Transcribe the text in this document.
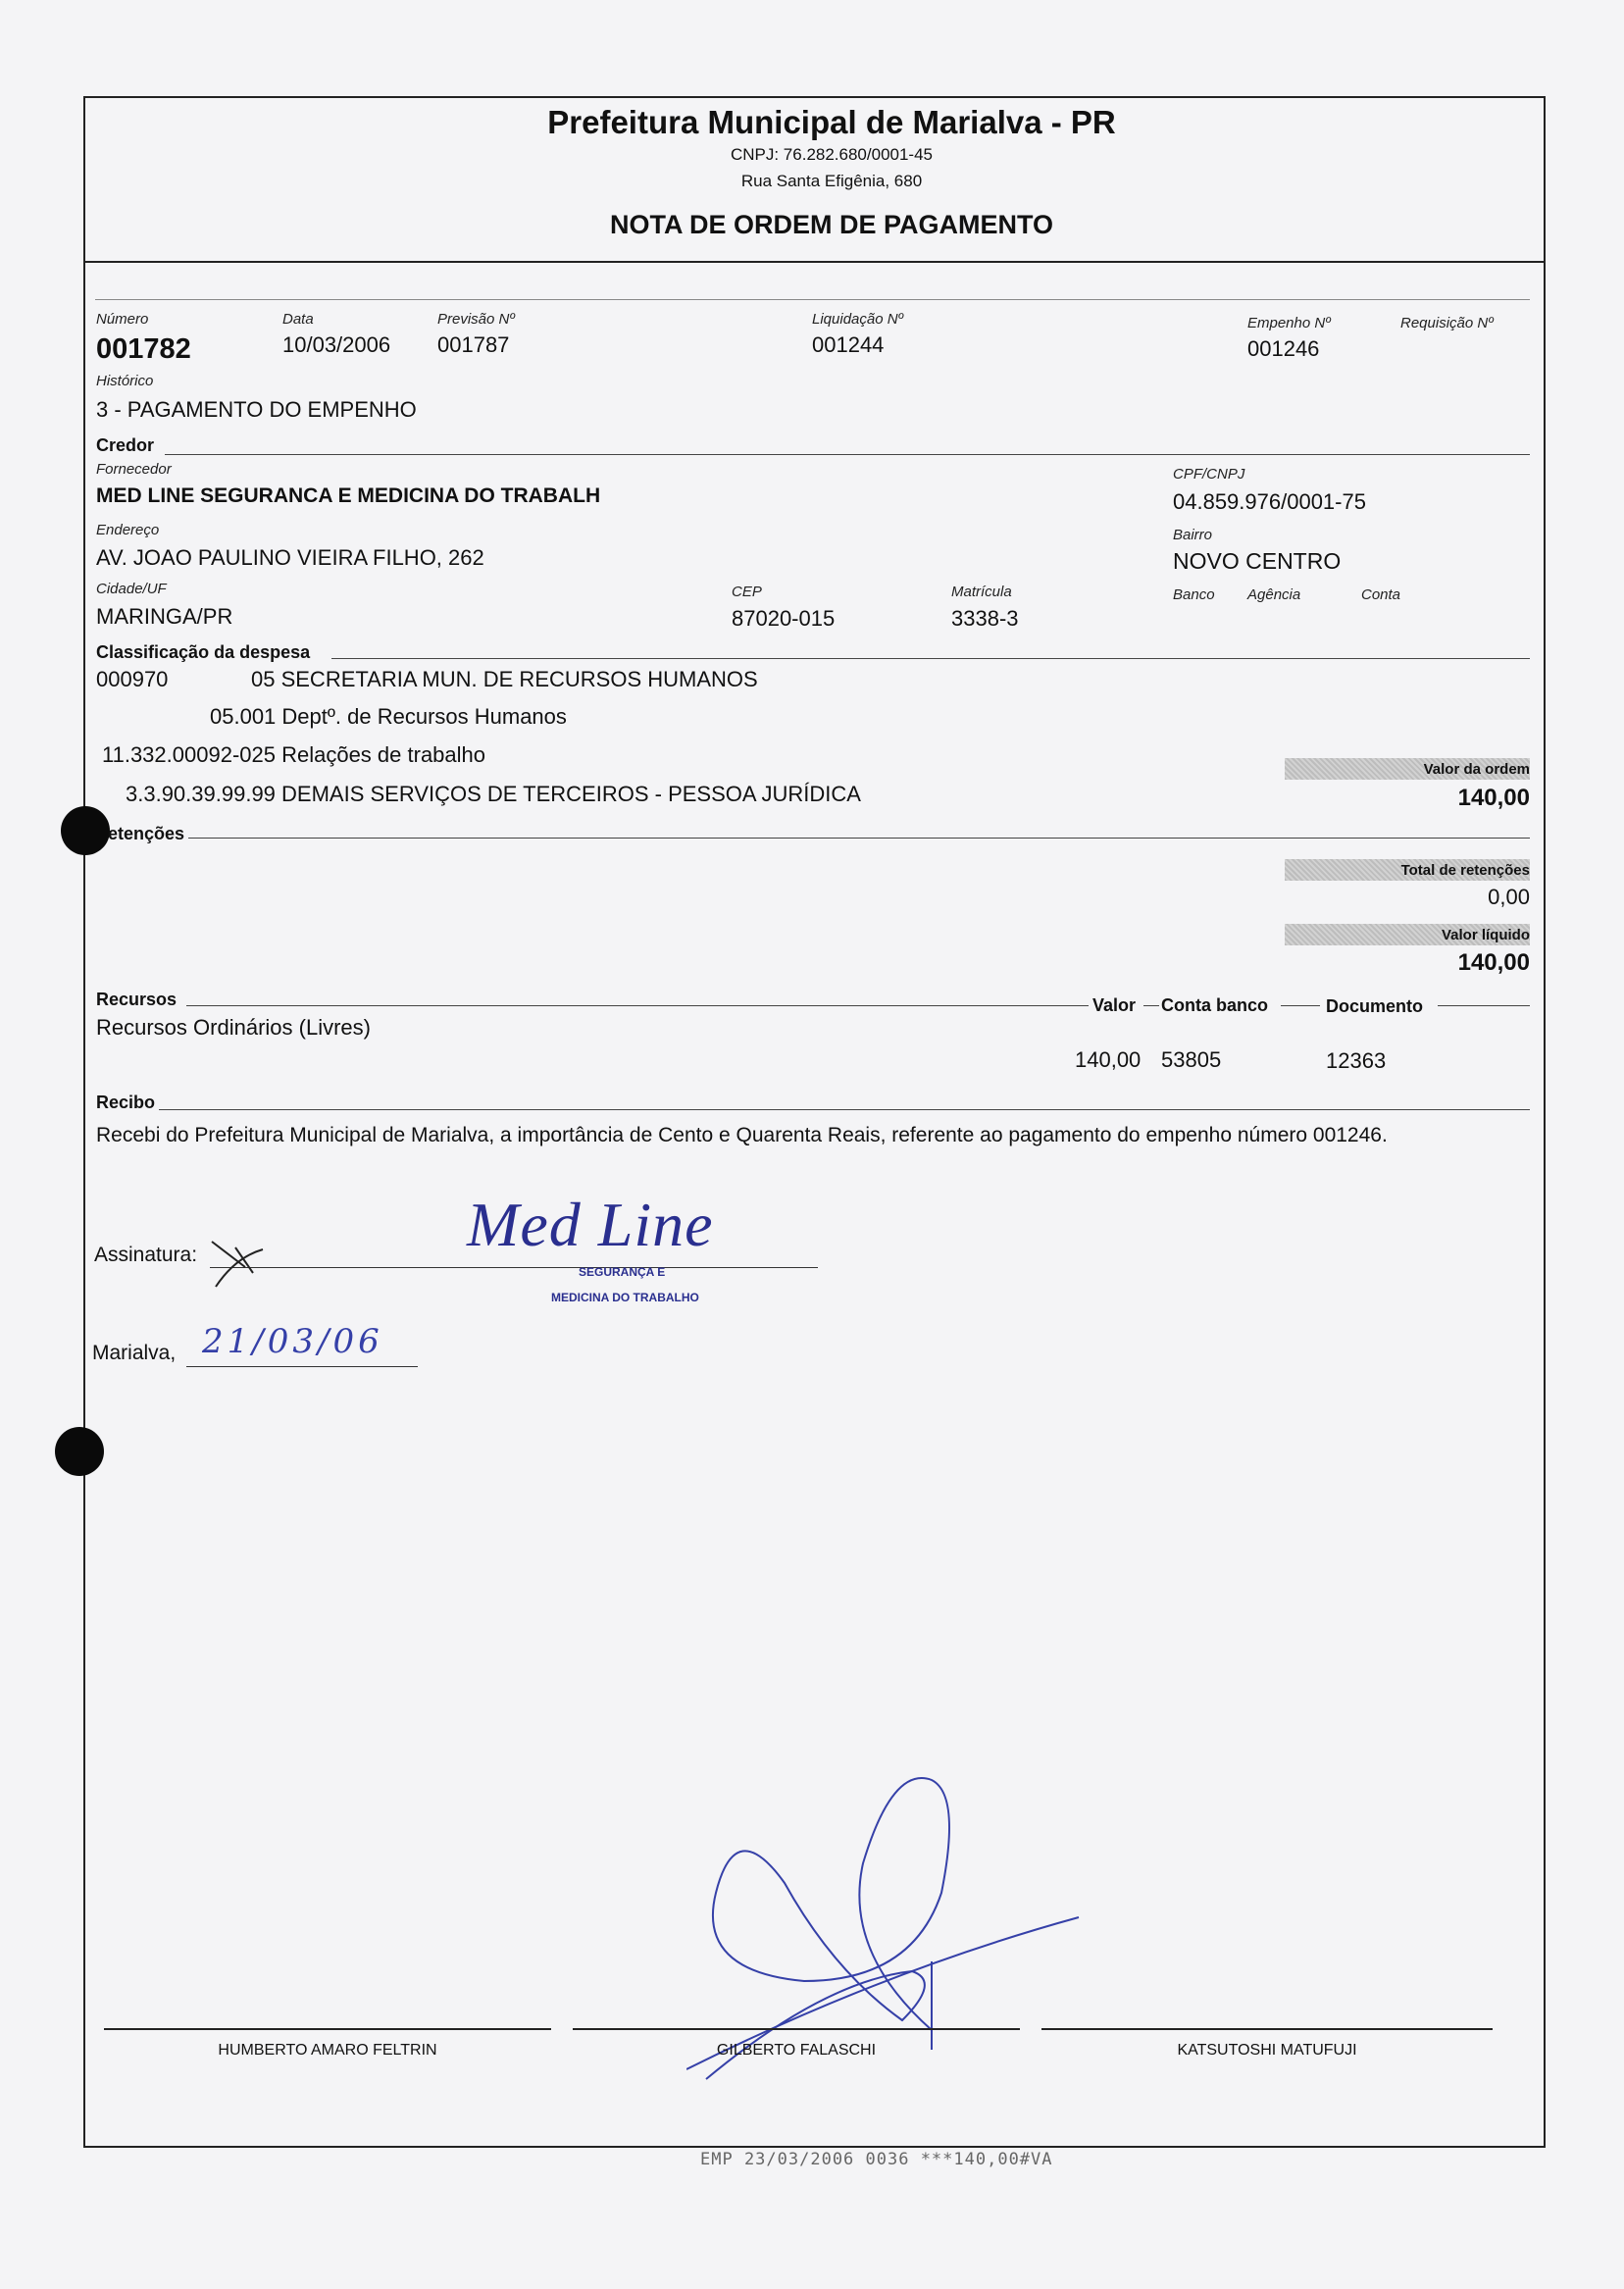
Prefeitura Municipal de Marialva - PR
CNPJ: 76.282.680/0001-45
Rua Santa Efigênia, 680
NOTA DE ORDEM DE PAGAMENTO
Número
001782
Data
10/03/2006
Previsão Nº
001787
Liquidação Nº
001244
Empenho Nº
001246
Requisição Nº
Histórico
3 - PAGAMENTO DO EMPENHO
Credor
Fornecedor
MED LINE SEGURANCA E MEDICINA DO TRABALH
CPF/CNPJ
04.859.976/0001-75
Endereço
AV. JOAO PAULINO VIEIRA FILHO, 262
Bairro
NOVO CENTRO
Cidade/UF
MARINGA/PR
CEP
87020-015
Matrícula
3338-3
Banco Agência	Conta
Classificação da despesa
000970	05 SECRETARIA MUN. DE RECURSOS HUMANOS
05.001 Deptº. de Recursos Humanos
11.332.00092-025 Relações de trabalho
3.3.90.39.99.99 DEMAIS SERVIÇOS DE TERCEIROS - PESSOA JURÍDICA
Valor da ordem
140,00
etenções
Total de retenções
0,00
Valor líquido
140,00
Recursos	Valor Conta banco	Documento
Recursos Ordinários (Livres)
140,00 53805	12363
Recibo
Recebi do Prefeitura Municipal de Marialva, a importância de Cento e Quarenta Reais, referente ao pagamento do empenho número 001246.
Assinatura:	Med Line
SEGURANÇA E
MEDICINA DO TRABALHO
Marialva, 21/03/06
HUMBERTO AMARO FELTRIN	GILBERTO FALASCHI	KATSUTOSHI MATUFUJI
EMP 23/03/2006 0036 ***140,00#VA
